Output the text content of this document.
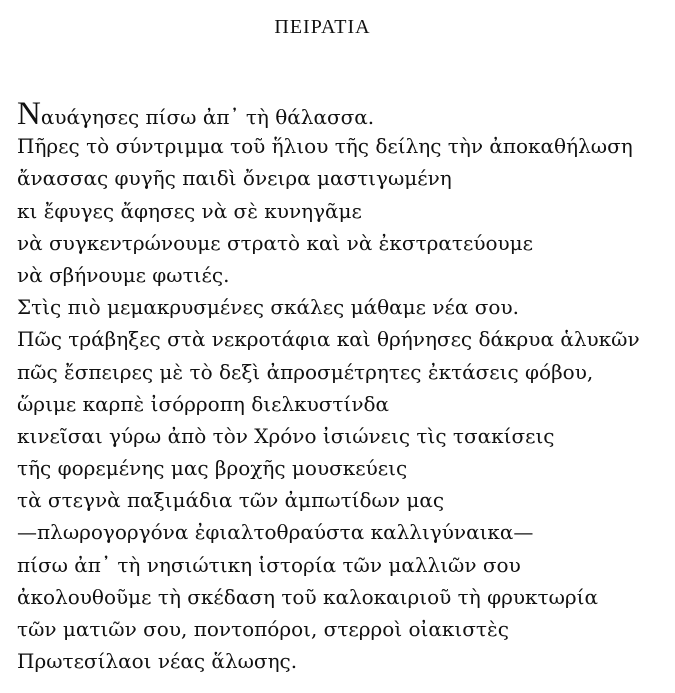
ΠΕΙΡΑΤΙΑ
Nαυάγησες πίσω ἀπ᾿ τὴ θάλασσα.
Πῆρες τὸ σύντριμμα τοῦ ἥλιου τῆς δείλης τὴν ἀποκαθήλωση
ἄνασσας φυγῆς παιδὶ ὄνειρα μαστιγωμένη
κι ἔφυγες ἄφησες νὰ σὲ κυνηγᾶμε
νὰ συγκεντρώνουμε στρατὸ καὶ νὰ ἐκστρατεύουμε
νὰ σβήνουμε φωτιές.
Στὶς πιὸ μεμακρυσμένες σκάλες μάθαμε νέα σου.
Πῶς τράβηξες στὰ νεκροτάφια καὶ θρήνησες δάκρυα ἁλυκῶν
πῶς ἔσπειρες μὲ τὸ δεξὶ ἀπροσμέτρητες ἐκτάσεις φόβου,
ὥριμε καρπὲ ἰσόρροπη διελκυστίνδα
κινεῖσαι γύρω ἀπὸ τὸν Χρόνο ἰσιώνεις τὶς τσακίσεις
τῆς φορεμένης μας βροχῆς μουσκεύεις
τὰ στεγνὰ παξιμάδια τῶν ἀμπωτίδων μας
—πλωρογοργόνα ἐφιαλτοθραύστα καλλιγύναικα—
πίσω ἀπ᾿ τὴ νησιώτικη ἱστορία τῶν μαλλιῶν σου
ἀκολουθοῦμε τὴ σκέδαση τοῦ καλοκαιριοῦ τὴ φρυκτωρία
τῶν ματιῶν σου, ποντοπόροι, στερροὶ οἰακιστὲς
Πρωτεσίλαοι νέας ἅλωσης.
